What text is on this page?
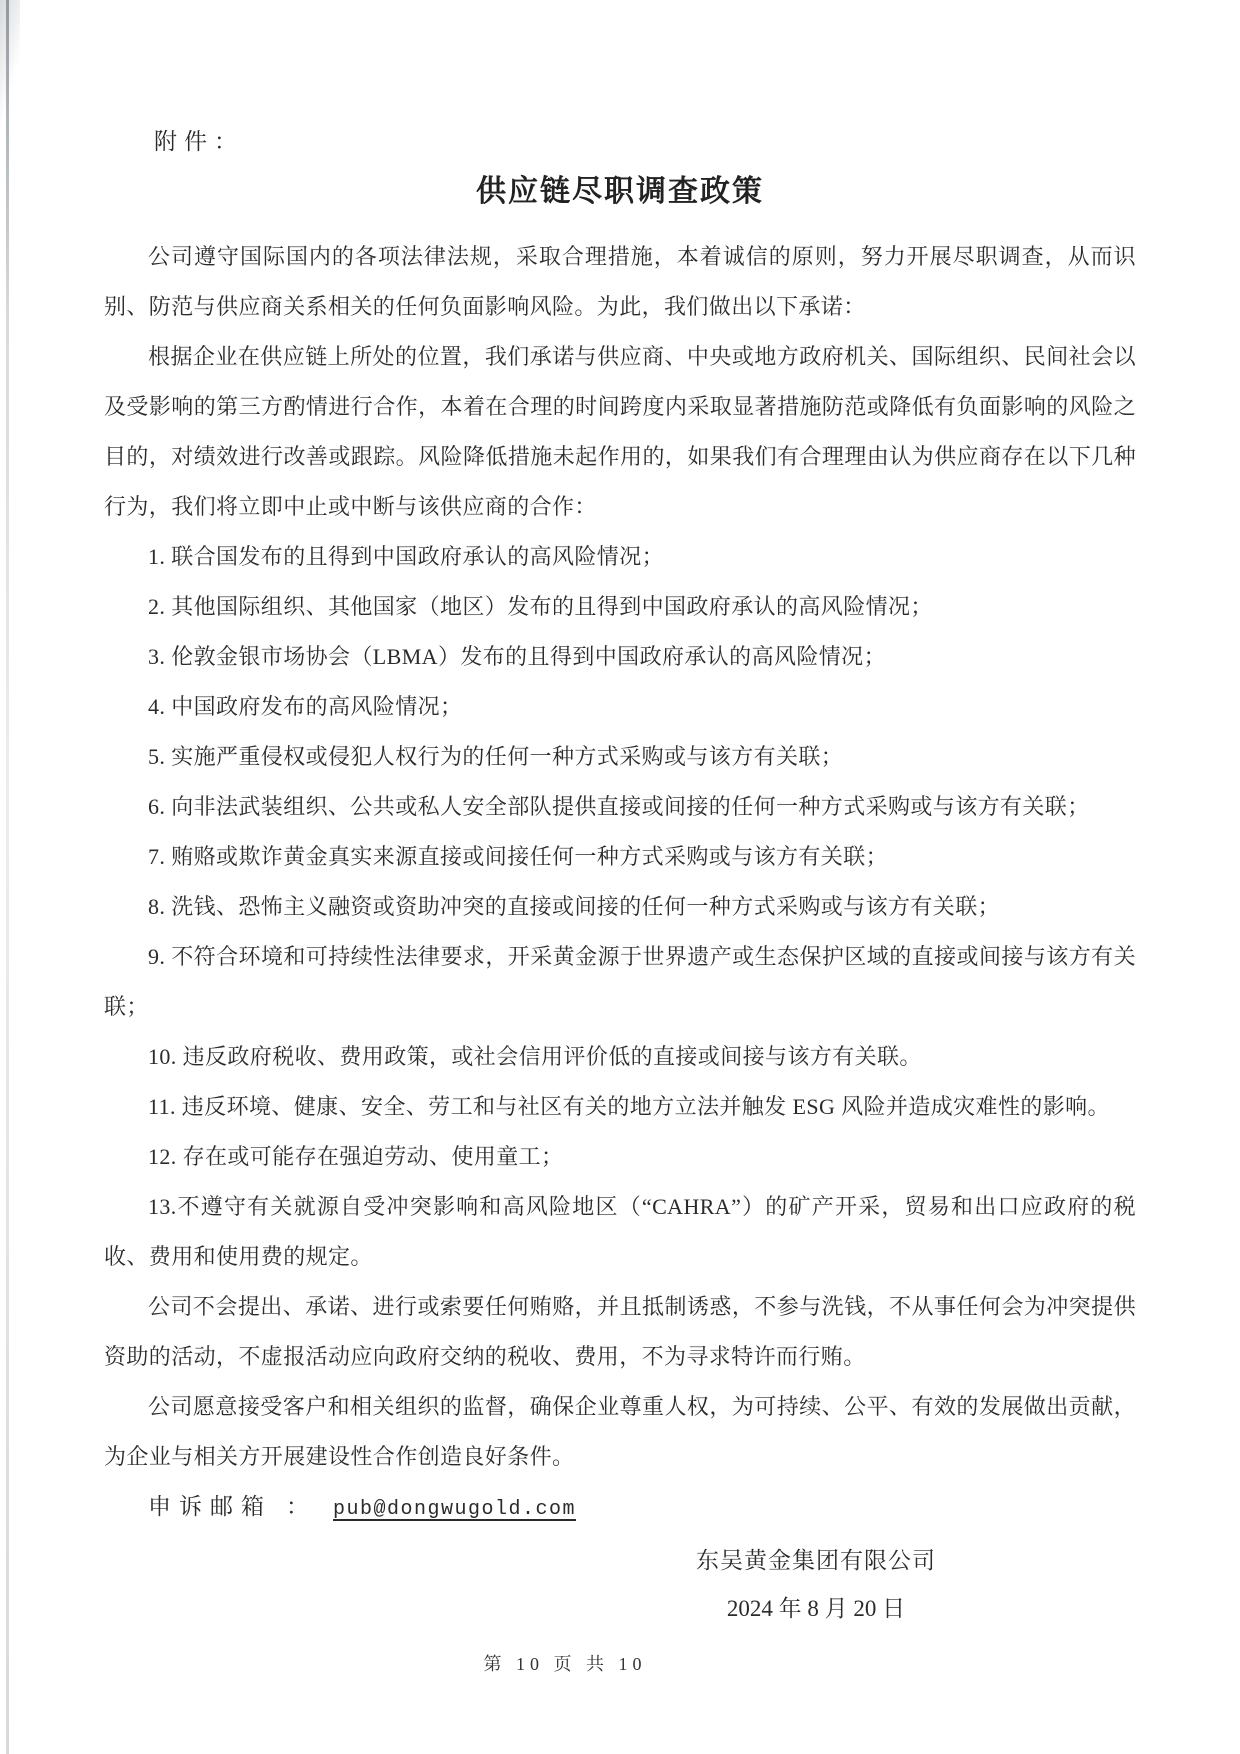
附件：
供应链尽职调查政策

公司遵守国际国内的各项法律法规，采取合理措施，本着诚信的原则，努力开展尽职调查，从而识别、防范与供应商关系相关的任何负面影响风险。为此，我们做出以下承诺：

根据企业在供应链上所处的位置，我们承诺与供应商、中央或地方政府机关、国际组织、民间社会以及受影响的第三方酌情进行合作，本着在合理的时间跨度内采取显著措施防范或降低有负面影响的风险之目的，对绩效进行改善或跟踪。风险降低措施未起作用的，如果我们有合理理由认为供应商存在以下几种行为，我们将立即中止或中断与该供应商的合作：

1. 联合国发布的且得到中国政府承认的高风险情况；

2. 其他国际组织、其他国家（地区）发布的且得到中国政府承认的高风险情况；

3. 伦敦金银市场协会（LBMA）发布的且得到中国政府承认的高风险情况；

4. 中国政府发布的高风险情况；

5. 实施严重侵权或侵犯人权行为的任何一种方式采购或与该方有关联；

6. 向非法武装组织、公共或私人安全部队提供直接或间接的任何一种方式采购或与该方有关联；

7. 贿赂或欺诈黄金真实来源直接或间接任何一种方式采购或与该方有关联；

8. 洗钱、恐怖主义融资或资助冲突的直接或间接的任何一种方式采购或与该方有关联；

9. 不符合环境和可持续性法律要求，开采黄金源于世界遗产或生态保护区域的直接或间接与该方有关联；

10. 违反政府税收、费用政策，或社会信用评价低的直接或间接与该方有关联。

11. 违反环境、健康、安全、劳工和与社区有关的地方立法并触发 ESG 风险并造成灾难性的影响。

12. 存在或可能存在强迫劳动、使用童工；

13.不遵守有关就源自受冲突影响和高风险地区（“CAHRA”）的矿产开采，贸易和出口应政府的税收、费用和使用费的规定。

公司不会提出、承诺、进行或索要任何贿赂，并且抵制诱惑，不参与洗钱，不从事任何会为冲突提供资助的活动，不虚报活动应向政府交纳的税收、费用，不为寻求特许而行贿。

公司愿意接受客户和相关组织的监督，确保企业尊重人权，为可持续、公平、有效的发展做出贡献，为企业与相关方开展建设性合作创造良好条件。

申诉邮箱 ： pub@dongwugold.com
东吴黄金集团有限公司
2024 年 8 月 20 日
第 10 页 共 10
